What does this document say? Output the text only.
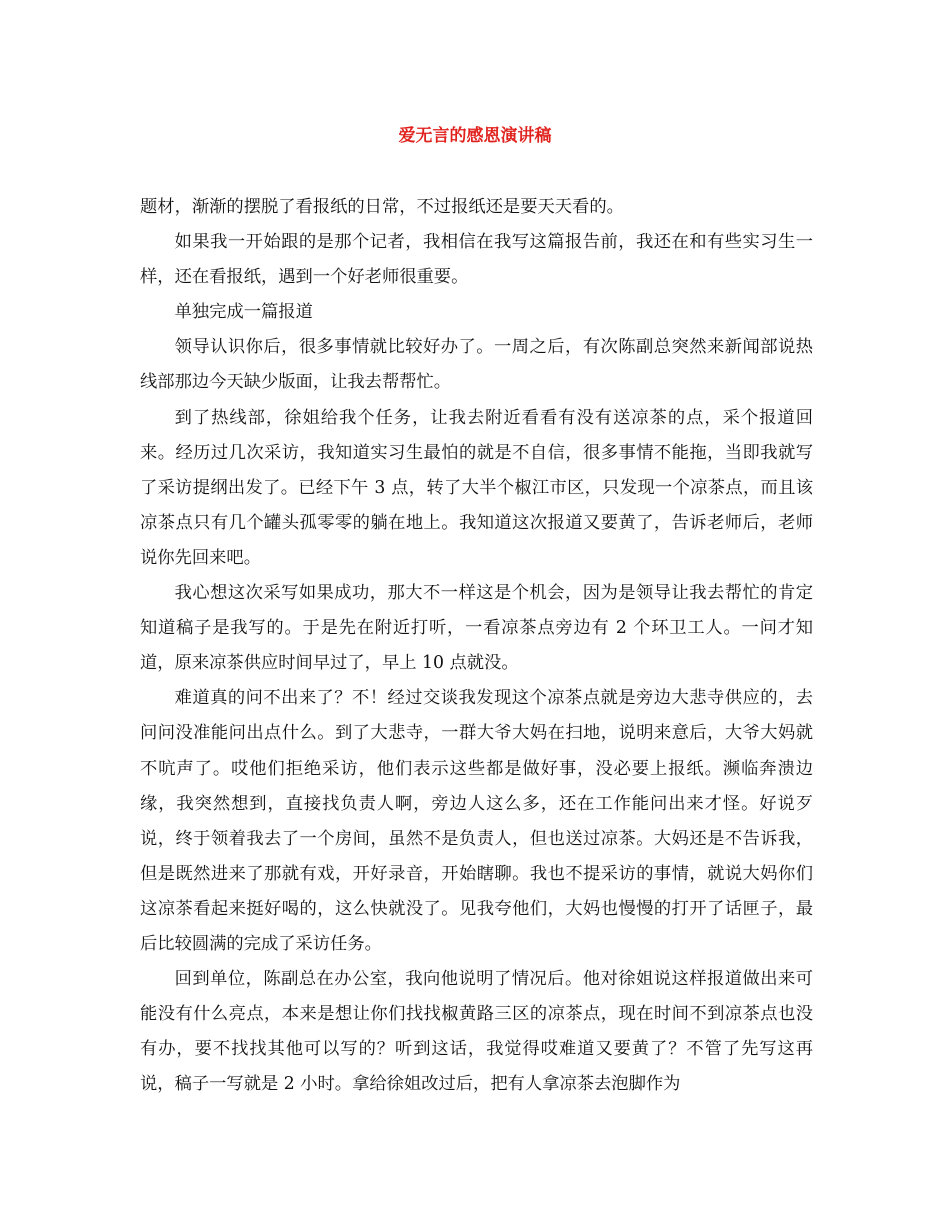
爱无言的感恩演讲稿

题材，渐渐的摆脱了看报纸的日常，不过报纸还是要天天看的。

如果我一开始跟的是那个记者，我相信在我写这篇报告前，我还在和有些实习生一样，还在看报纸，遇到一个好老师很重要。

单独完成一篇报道

领导认识你后，很多事情就比较好办了。一周之后，有次陈副总突然来新闻部说热线部那边今天缺少版面，让我去帮帮忙。

到了热线部，徐姐给我个任务，让我去附近看看有没有送凉茶的点，采个报道回来。经历过几次采访，我知道实习生最怕的就是不自信，很多事情不能拖，当即我就写了采访提纲出发了。已经下午 3 点，转了大半个椒江市区，只发现一个凉茶点，而且该凉茶点只有几个罐头孤零零的躺在地上。我知道这次报道又要黄了，告诉老师后，老师说你先回来吧。

我心想这次采写如果成功，那大不一样这是个机会，因为是领导让我去帮忙的肯定知道稿子是我写的。于是先在附近打听，一看凉茶点旁边有 2 个环卫工人。一问才知道，原来凉茶供应时间早过了，早上 10 点就没。

难道真的问不出来了？不！经过交谈我发现这个凉茶点就是旁边大悲寺供应的，去问问没准能问出点什么。到了大悲寺，一群大爷大妈在扫地，说明来意后，大爷大妈就不吭声了。哎他们拒绝采访，他们表示这些都是做好事，没必要上报纸。濒临奔溃边缘，我突然想到，直接找负责人啊，旁边人这么多，还在工作能问出来才怪。好说歹说，终于领着我去了一个房间，虽然不是负责人，但也送过凉茶。大妈还是不告诉我，但是既然进来了那就有戏，开好录音，开始瞎聊。我也不提采访的事情，就说大妈你们这凉茶看起来挺好喝的，这么快就没了。见我夸他们，大妈也慢慢的打开了话匣子，最后比较圆满的完成了采访任务。

回到单位，陈副总在办公室，我向他说明了情况后。他对徐姐说这样报道做出来可能没有什么亮点，本来是想让你们找找椒黄路三区的凉茶点，现在时间不到凉茶点也没有办，要不找找其他可以写的？听到这话，我觉得哎难道又要黄了？不管了先写这再说，稿子一写就是 2 小时。拿给徐姐改过后，把有人拿凉茶去泡脚作为
